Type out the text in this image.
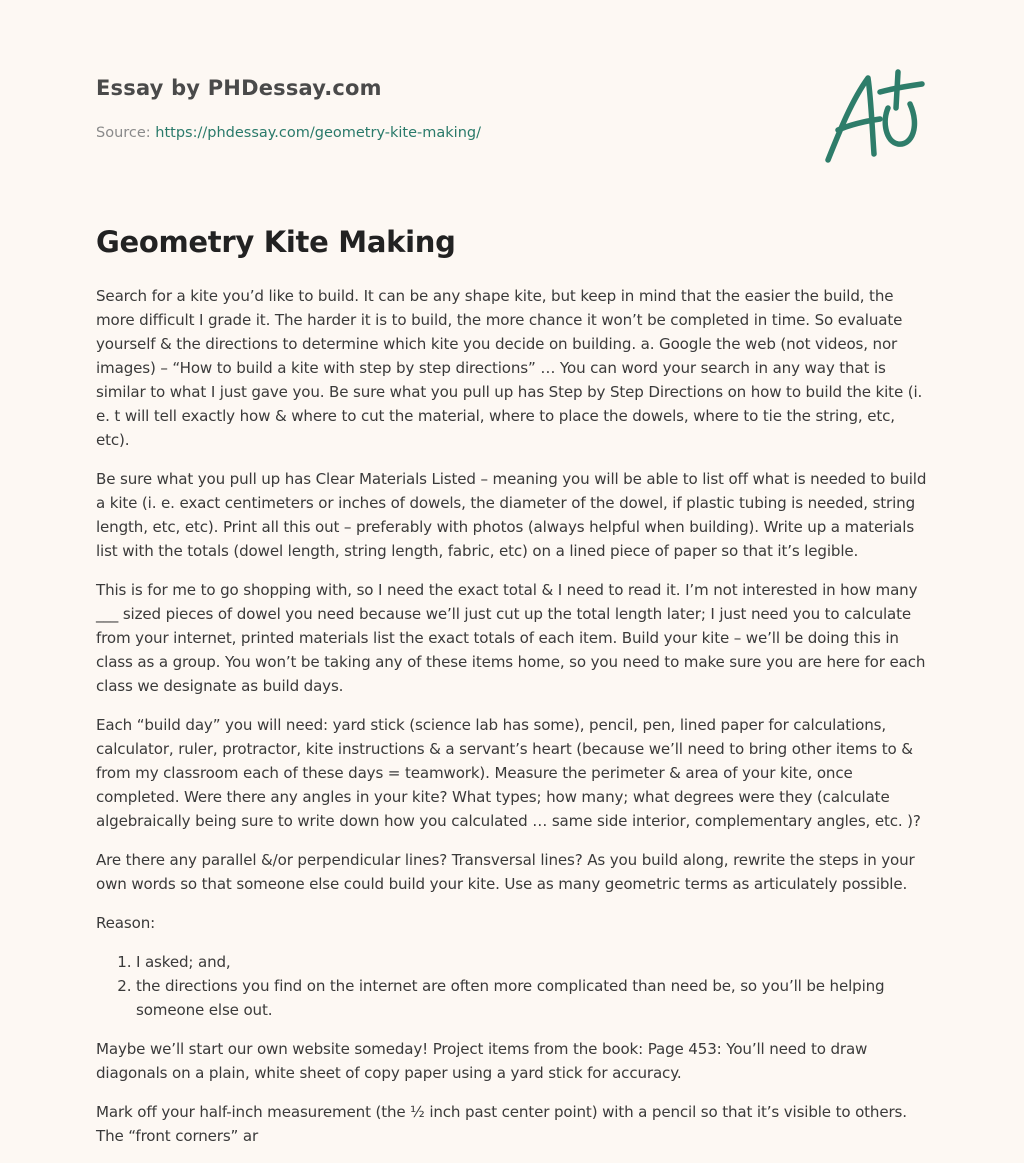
Essay by PHDessay.com
Source: https://phdessay.com/geometry-kite-making/
Geometry Kite Making

Search for a kite you’d like to build. It can be any shape kite, but keep in mind that the easier the build, the more difficult I grade it. The harder it is to build, the more chance it won’t be completed in time. So evaluate yourself & the directions to determine which kite you decide on building. a. Google the web (not videos, nor images) – “How to build a kite with step by step directions” … You can word your search in any way that is similar to what I just gave you. Be sure what you pull up has Step by Step Directions on how to build the kite (i. e. t will tell exactly how & where to cut the material, where to place the dowels, where to tie the string, etc, etc).

Be sure what you pull up has Clear Materials Listed – meaning you will be able to list off what is needed to build a kite (i. e. exact centimeters or inches of dowels, the diameter of the dowel, if plastic tubing is needed, string length, etc, etc). Print all this out – preferably with photos (always helpful when building). Write up a materials list with the totals (dowel length, string length, fabric, etc) on a lined piece of paper so that it’s legible.

This is for me to go shopping with, so I need the exact total & I need to read it. I’m not interested in how many ___ sized pieces of dowel you need because we’ll just cut up the total length later; I just need you to calculate from your internet, printed materials list the exact totals of each item. Build your kite – we’ll be doing this in class as a group. You won’t be taking any of these items home, so you need to make sure you are here for each class we designate as build days.

Each “build day” you will need: yard stick (science lab has some), pencil, pen, lined paper for calculations, calculator, ruler, protractor, kite instructions & a servant’s heart (because we’ll need to bring other items to & from my classroom each of these days = teamwork). Measure the perimeter & area of your kite, once completed. Were there any angles in your kite? What types; how many; what degrees were they (calculate algebraically being sure to write down how you calculated … same side interior, complementary angles, etc. )?

Are there any parallel &/or perpendicular lines? Transversal lines? As you build along, rewrite the steps in your own words so that someone else could build your kite. Use as many geometric terms as articulately possible.

Reason:

1. I asked; and,
2. the directions you find on the internet are often more complicated than need be, so you’ll be helping someone else out.

Maybe we’ll start our own website someday! Project items from the book: Page 453: You’ll need to draw diagonals on a plain, white sheet of copy paper using a yard stick for accuracy.

Mark off your half-inch measurement (the ½ inch past center point) with a pencil so that it’s visible to others. The “front corners” ar
